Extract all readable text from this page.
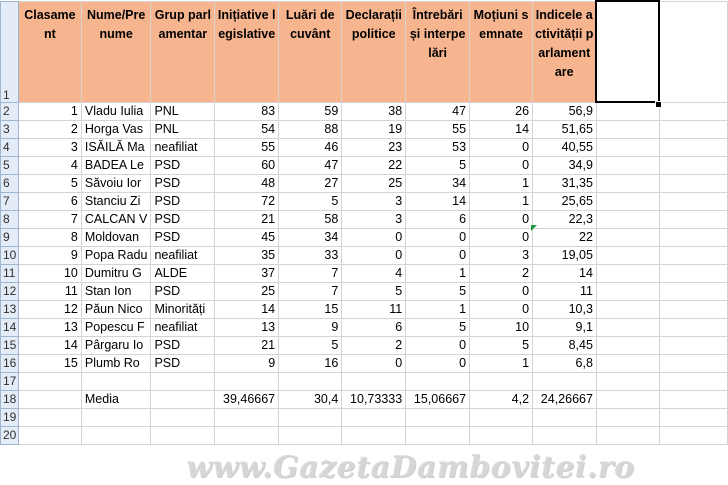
1	Clasament	Nume/Prenume	Grup parlamentar	Inițiative legislative	Luări de cuvânt	Declarații politice	Întrebări și interpelări	Moțiuni semnate	Indicele activității parlamentare		
2	1	Vladu Iulia	PNL	83	59	38	47	26	56,9		
3	2	Horga Vas	PNL	54	88	19	55	14	51,65		
4	3	ISĂILĂ Ma	neafiliat	55	46	23	53	0	40,55		
5	4	BADEA Le	PSD	60	47	22	5	0	34,9		
6	5	Săvoiu Ior	PSD	48	27	25	34	1	31,35		
7	6	Stanciu Zi	PSD	72	5	3	14	1	25,65		
8	7	CALCAN V	PSD	21	58	3	6	0	22,3		
9	8	Moldovan	PSD	45	34	0	0	0	22		
10	9	Popa Radu	neafiliat	35	33	0	0	3	19,05		
11	10	Dumitru G	ALDE	37	7	4	1	2	14		
12	11	Stan Ion	PSD	25	7	5	5	0	11		
13	12	Păun Nico	Minorități	14	15	11	1	0	10,3		
14	13	Popescu F	neafiliat	13	9	6	5	10	9,1		
15	14	Pârgaru Io	PSD	21	5	2	0	5	8,45		
16	15	Plumb Ro	PSD	9	16	0	0	1	6,8		
17											
18		Media		39,46667	30,4	10,73333	15,06667	4,2	24,26667		
19											
20											
www.GazetaDambovitei.ro
